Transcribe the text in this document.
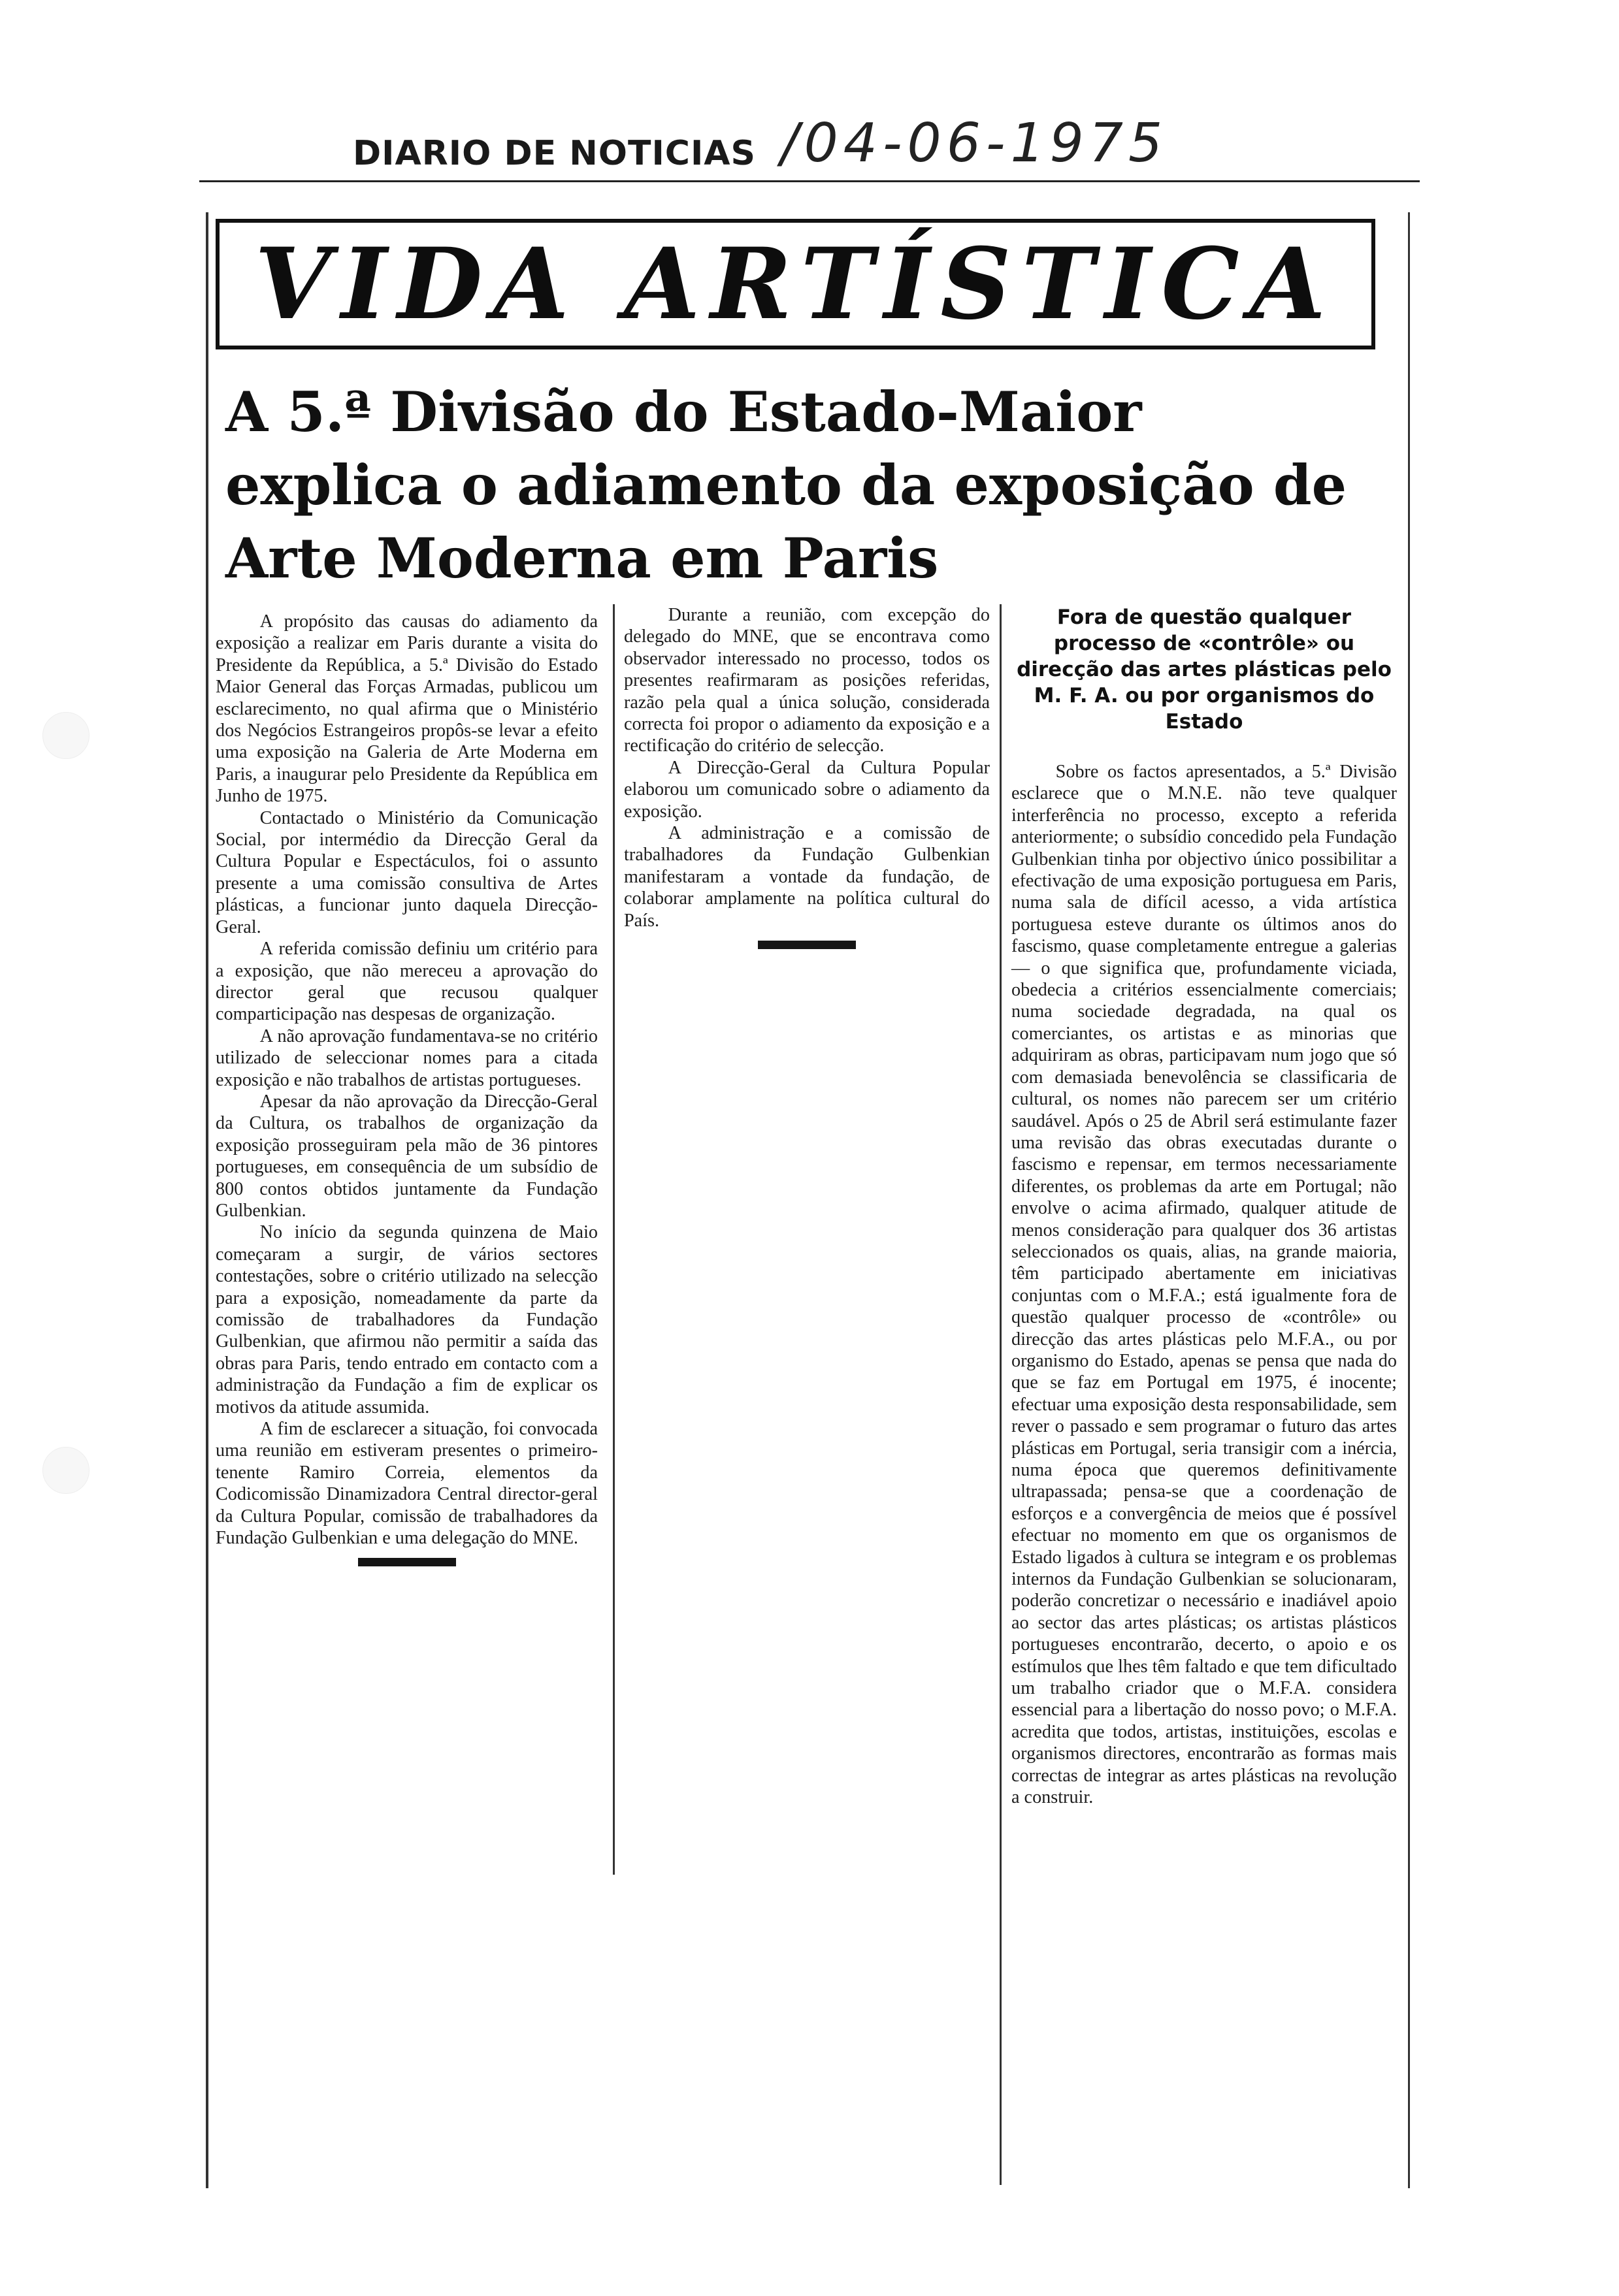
DIARIO DE NOTICIAS /04-06-1975
VIDA ARTÍSTICA
A 5.ª Divisão do Estado-Maior explica o adiamento da exposição de Arte Moderna em Paris

A propósito das causas do adiamento da exposição a realizar em Paris durante a visita do Presidente da República, a 5.ª Divisão do Estado Maior General das Forças Armadas, publicou um esclarecimento, no qual afirma que o Ministério dos Negócios Estrangeiros propôs-se levar a efeito uma exposição na Galeria de Arte Moderna em Paris, a inaugurar pelo Presidente da República em Junho de 1975.

Contactado o Ministério da Comunicação Social, por intermédio da Direcção Geral da Cultura Popular e Espectáculos, foi o assunto presente a uma comissão consultiva de Artes plásticas, a funcionar junto daquela Direcção-Geral.

A referida comissão definiu um critério para a exposição, que não mereceu a aprovação do director geral que recusou qualquer comparticipação nas despesas de organização.

A não aprovação fundamentava-se no critério utilizado de seleccionar nomes para a citada exposição e não trabalhos de artistas portugueses.

Apesar da não aprovação da Direcção-Geral da Cultura, os trabalhos de organização da exposição prosseguiram pela mão de 36 pintores portugueses, em consequência de um subsídio de 800 contos obtidos juntamente da Fundação Gulbenkian.

No início da segunda quinzena de Maio começaram a surgir, de vários sectores contestações, sobre o critério utilizado na selecção para a exposição, nomeadamente da parte da comissão de trabalhadores da Fundação Gulbenkian, que afirmou não permitir a saída das obras para Paris, tendo entrado em contacto com a administração da Fundação a fim de explicar os motivos da atitude assumida.

A fim de esclarecer a situação, foi convocada uma reunião em estiveram presentes o primeiro-tenente Ramiro Correia, elementos da Codicomissão Dinamizadora Central director-geral da Cultura Popular, comissão de trabalhadores da Fundação Gulbenkian e uma delegação do MNE.

Durante a reunião, com excepção do delegado do MNE, que se encontrava como observador interessado no processo, todos os presentes reafirmaram as posições referidas, razão pela qual a única solução, considerada correcta foi propor o adiamento da exposição e a rectificação do critério de selecção.

A Direcção-Geral da Cultura Popular elaborou um comunicado sobre o adiamento da exposição.

A administração e a comissão de trabalhadores da Fundação Gulbenkian manifestaram a vontade da fundação, de colaborar amplamente na política cultural do País.

Fora de questão qualquer processo de «contrôle» ou direcção das artes plásticas pelo M. F. A. ou por organismos do Estado

Sobre os factos apresentados, a 5.ª Divisão esclarece que o M.N.E. não teve qualquer interferência no processo, excepto a referida anteriormente; o subsídio concedido pela Fundação Gulbenkian tinha por objectivo único possibilitar a efectivação de uma exposição portuguesa em Paris, numa sala de difícil acesso, a vida artística portuguesa esteve durante os últimos anos do fascismo, quase completamente entregue a galerias — o que significa que, profundamente viciada, obedecia a critérios essencialmente comerciais; numa sociedade degradada, na qual os comerciantes, os artistas e as minorias que adquiriram as obras, participavam num jogo que só com demasiada benevolência se classificaria de cultural, os nomes não parecem ser um critério saudável. Após o 25 de Abril será estimulante fazer uma revisão das obras executadas durante o fascismo e repensar, em termos necessariamente diferentes, os problemas da arte em Portugal; não envolve o acima afirmado, qualquer atitude de menos consideração para qualquer dos 36 artistas seleccionados os quais, alias, na grande maioria, têm participado abertamente em iniciativas conjuntas com o M.F.A.; está igualmente fora de questão qualquer processo de «contrôle» ou direcção das artes plásticas pelo M.F.A., ou por organismo do Estado, apenas se pensa que nada do que se faz em Portugal em 1975, é inocente; efectuar uma exposição desta responsabilidade, sem rever o passado e sem programar o futuro das artes plásticas em Portugal, seria transigir com a inércia, numa época que queremos definitivamente ultrapassada; pensa-se que a coordenação de esforços e a convergência de meios que é possível efectuar no momento em que os organismos de Estado ligados à cultura se integram e os problemas internos da Fundação Gulbenkian se solucionaram, poderão concretizar o necessário e inadiável apoio ao sector das artes plásticas; os artistas plásticos portugueses encontrarão, decerto, o apoio e os estímulos que lhes têm faltado e que tem dificultado um trabalho criador que o M.F.A. considera essencial para a libertação do nosso povo; o M.F.A. acredita que todos, artistas, instituições, escolas e organismos directores, encontrarão as formas mais correctas de integrar as artes plásticas na revolução a construir.
